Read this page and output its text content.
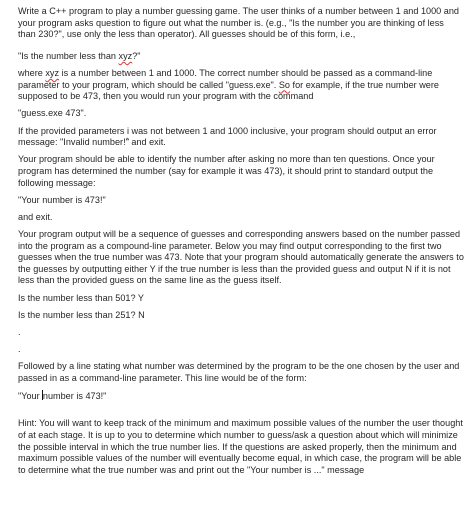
Write a C++ program to play a number guessing game. The user thinks of a number between 1 and 1000 and your program asks question to figure out what the number is. (e.g., "Is the number you are thinking of less than 230?", use only the less than operator). All guesses should be of this form, i.e.,

"Is the number less than xyz?"

where xyz is a number between 1 and 1000. The correct number should be passed as a command-line parameter to your program, which should be called "guess.exe". So for example, if the true number were supposed to be 473, then you would run your program with the command

"guess.exe 473".

If the provided parameters i was not between 1 and 1000 inclusive, your program should output an error message: "Invalid number!" and exit.

Your program should be able to identify the number after asking no more than ten questions. Once your program has determined the number (say for example it was 473), it should print to standard output the following message:

"Your number is 473!"

and exit.

Your program output will be a sequence of guesses and corresponding answers based on the number passed into the program as a compound-line parameter. Below you may find output corresponding to the first two guesses when the true number was 473. Note that your program should automatically generate the answers to the guesses by outputting either Y if the true number is less than the provided guess and output N if it is not less than the provided guess on the same line as the guess itself.

Is the number less than 501? Y

Is the number less than 251? N

.

.

Followed by a line stating what number was determined by the program to be the one chosen by the user and passed in as a command-line parameter. This line would be of the form:

"Your number is 473!"

Hint: You will want to keep track of the minimum and maximum possible values of the number the user thought of at each stage. It is up to you to determine which number to guess/ask a question about which will minimize the possible interval in which the true number lies. If the questions are asked properly, then the minimum and maximum possible values of the number will eventually become equal, in which case, the program will be able to determine what the true number was and print out the "Your number is ..." message
